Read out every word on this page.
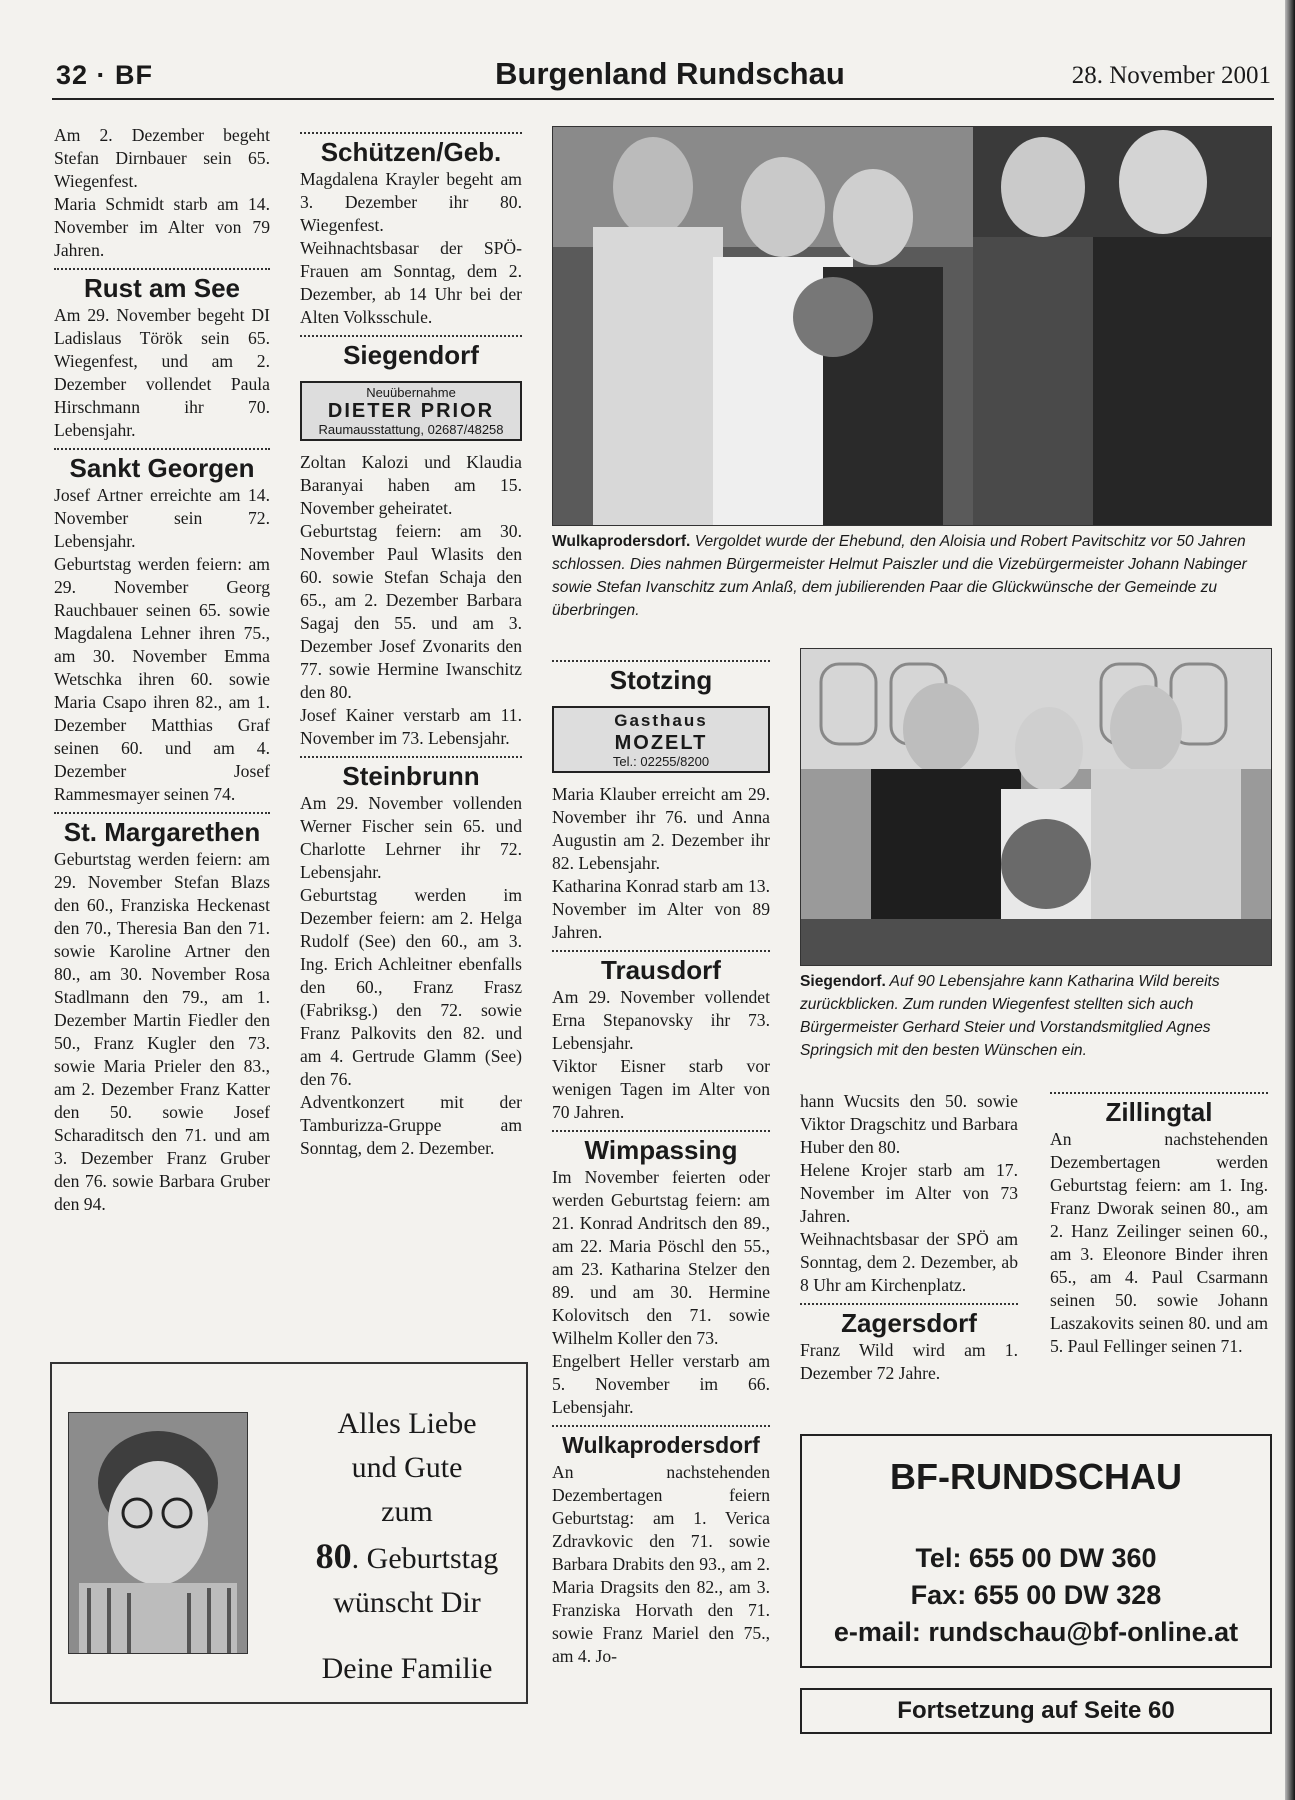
32 · BF	Burgenland Rundschau	28. November 2001

Am 2. Dezember begeht Stefan Dirnbauer sein 65. Wiegenfest.

Maria Schmidt starb am 14. November im Alter von 79 Jahren.

Rust am See

Am 29. November begeht DI Ladislaus Török sein 65. Wiegenfest, und am 2. Dezember vollendet Paula Hirschmann ihr 70. Lebensjahr.

Sankt Georgen

Josef Artner erreichte am 14. November sein 72. Lebensjahr.

Geburtstag werden feiern: am 29. November Georg Rauchbauer seinen 65. sowie Magdalena Lehner ihren 75., am 30. November Emma Wetschka ihren 60. sowie Maria Csapo ihren 82., am 1. Dezember Matthias Graf seinen 60. und am 4. Dezember Josef Rammesmayer seinen 74.

St. Margarethen

Geburtstag werden feiern: am 29. November Stefan Blazs den 60., Franziska Heckenast den 70., Theresia Ban den 71. sowie Karoline Artner den 80., am 30. November Rosa Stadlmann den 79., am 1. Dezember Martin Fiedler den 50., Franz Kugler den 73. sowie Maria Prieler den 83., am 2. Dezember Franz Katter den 50. sowie Josef Scharaditsch den 71. und am 3. Dezember Franz Gruber den 76. sowie Barbara Gruber den 94.

Schützen/Geb.

Magdalena Krayler begeht am 3. Dezember ihr 80. Wiegenfest.

Weihnachtsbasar der SPÖ-Frauen am Sonntag, dem 2. Dezember, ab 14 Uhr bei der Alten Volksschule.

Siegendorf
Neuübernahme
DIETER PRIOR
Raumausstattung, 02687/48258

Zoltan Kalozi und Klaudia Baranyai haben am 15. November geheiratet.

Geburtstag feiern: am 30. November Paul Wlasits den 60. sowie Stefan Schaja den 65., am 2. Dezember Barbara Sagaj den 55. und am 3. Dezember Josef Zvonarits den 77. sowie Hermine Iwanschitz den 80.

Josef Kainer verstarb am 11. November im 73. Lebensjahr.

Steinbrunn

Am 29. November vollenden Werner Fischer sein 65. und Charlotte Lehrner ihr 72. Lebensjahr.

Geburtstag werden im Dezember feiern: am 2. Helga Rudolf (See) den 60., am 3. Ing. Erich Achleitner ebenfalls den 60., Franz Frasz (Fabriksg.) den 72. sowie Franz Palkovits den 82. und am 4. Gertrude Glamm (See) den 76.

Adventkonzert mit der Tamburizza-Gruppe am Sonntag, dem 2. Dezember.

Wulkaprodersdorf. Vergoldet wurde der Ehebund, den Aloisia und Robert Pavitschitz vor 50 Jahren schlossen. Dies nahmen Bürgermeister Helmut Paiszler und die Vizebürgermeister Johann Nabinger sowie Stefan Ivanschitz zum Anlaß, dem jubilierenden Paar die Glückwünsche der Gemeinde zu überbringen.
Stotzing
Gasthaus
MOZELT
Tel.: 02255/8200

Maria Klauber erreicht am 29. November ihr 76. und Anna Augustin am 2. Dezember ihr 82. Lebensjahr.

Katharina Konrad starb am 13. November im Alter von 89 Jahren.

Trausdorf

Am 29. November vollendet Erna Stepanovsky ihr 73. Lebensjahr.

Viktor Eisner starb vor wenigen Tagen im Alter von 70 Jahren.

Wimpassing

Im November feierten oder werden Geburtstag feiern: am 21. Konrad Andritsch den 89., am 22. Maria Pöschl den 55., am 23. Katharina Stelzer den 89. und am 30. Hermine Kolovitsch den 71. sowie Wilhelm Koller den 73.

Engelbert Heller verstarb am 5. November im 66. Lebensjahr.

Wulkaprodersdorf

An nachstehenden Dezembertagen feiern Geburtstag: am 1. Verica Zdravkovic den 71. sowie Barbara Drabits den 93., am 2. Maria Dragsits den 82., am 3. Franziska Horvath den 71. sowie Franz Mariel den 75., am 4. Jo-

Siegendorf. Auf 90 Lebensjahre kann Katharina Wild bereits zurückblicken. Zum runden Wiegenfest stellten sich auch Bürgermeister Gerhard Steier und Vorstandsmitglied Agnes Springsich mit den besten Wünschen ein.

hann Wucsits den 50. sowie Viktor Dragschitz und Barbara Huber den 80.

Helene Krojer starb am 17. November im Alter von 73 Jahren.

Weihnachtsbasar der SPÖ am Sonntag, dem 2. Dezember, ab 8 Uhr am Kirchenplatz.

Zagersdorf

Franz Wild wird am 1. Dezember 72 Jahre.

Zillingtal

An nachstehenden Dezembertagen werden Geburtstag feiern: am 1. Ing. Franz Dworak seinen 80., am 2. Hanz Zeilinger seinen 60., am 3. Eleonore Binder ihren 65., am 4. Paul Csarmann seinen 50. sowie Johann Laszakovits seinen 80. und am 5. Paul Fellinger seinen 71.

Alles Liebe
und Gute
zum
80. Geburtstag
wünscht Dir
Deine Familie
BF-RUNDSCHAU
Tel: 655 00 DW 360
Fax: 655 00 DW 328
e-mail: rundschau@bf-online.at
Fortsetzung auf Seite 60
